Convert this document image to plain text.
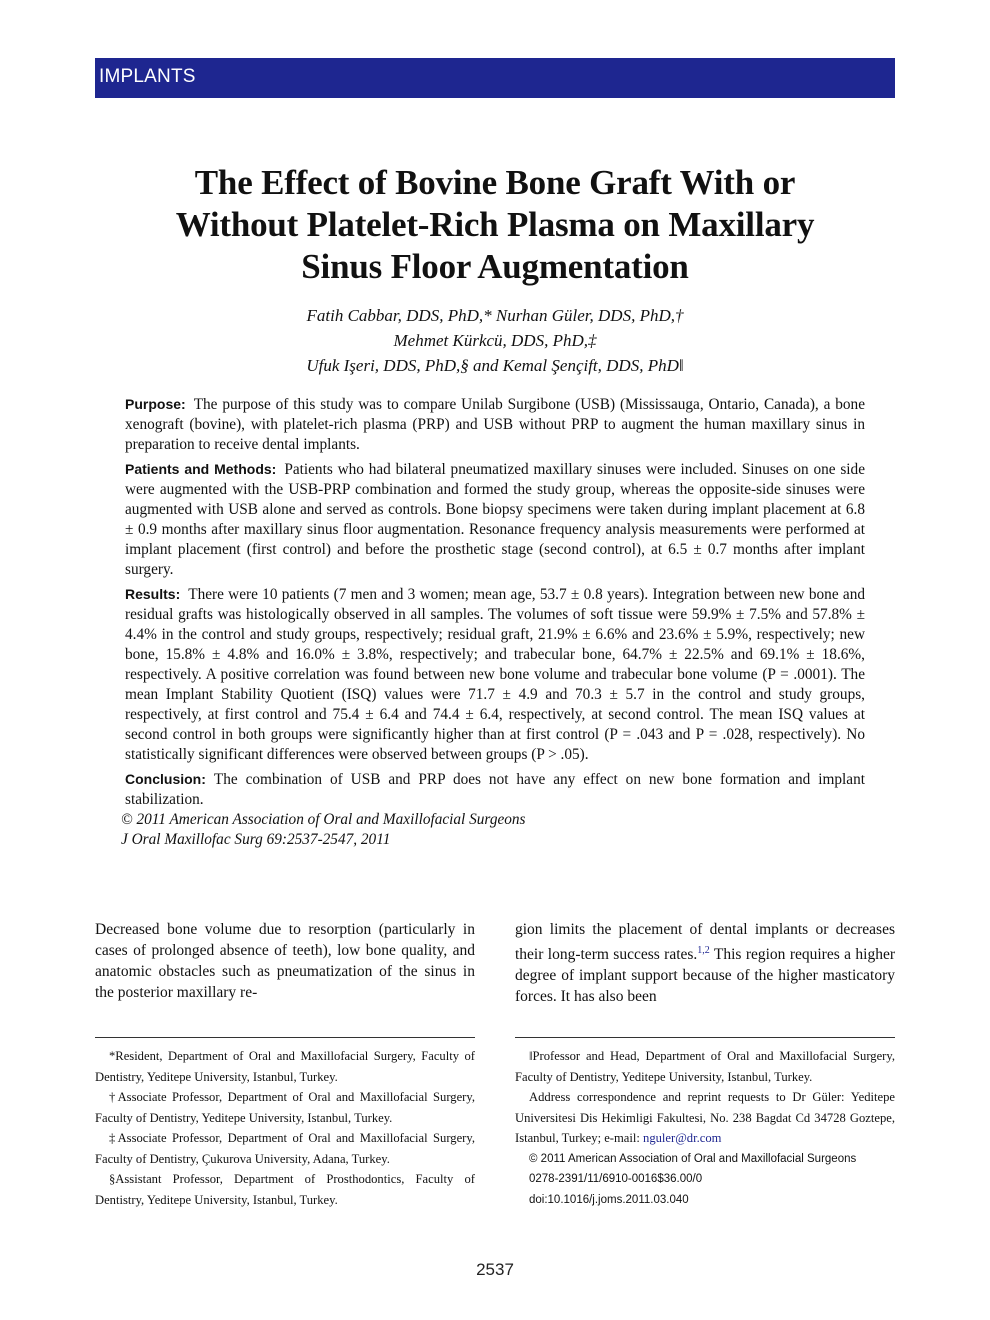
IMPLANTS
The Effect of Bovine Bone Graft With or
Without Platelet-Rich Plasma on Maxillary
Sinus Floor Augmentation
Fatih Cabbar, DDS, PhD,* Nurhan Güler, DDS, PhD,†
Mehmet Kürkcü, DDS, PhD,‡
Ufuk Işeri, DDS, PhD,§ and Kemal Şençift, DDS, PhD‖

Purpose: The purpose of this study was to compare Unilab Surgibone (USB) (Mississauga, Ontario, Canada), a bone xenograft (bovine), with platelet-rich plasma (PRP) and USB without PRP to augment the human maxillary sinus in preparation to receive dental implants.

Patients and Methods: Patients who had bilateral pneumatized maxillary sinuses were included. Sinuses on one side were augmented with the USB-PRP combination and formed the study group, whereas the opposite-side sinuses were augmented with USB alone and served as controls. Bone biopsy specimens were taken during implant placement at 6.8 ± 0.9 months after maxillary sinus floor augmentation. Resonance frequency analysis measurements were performed at implant placement (first control) and before the prosthetic stage (second control), at 6.5 ± 0.7 months after implant surgery.

Results: There were 10 patients (7 men and 3 women; mean age, 53.7 ± 0.8 years). Integration between new bone and residual grafts was histologically observed in all samples. The volumes of soft tissue were 59.9% ± 7.5% and 57.8% ± 4.4% in the control and study groups, respectively; residual graft, 21.9% ± 6.6% and 23.6% ± 5.9%, respectively; new bone, 15.8% ± 4.8% and 16.0% ± 3.8%, respectively; and trabecular bone, 64.7% ± 22.5% and 69.1% ± 18.6%, respectively. A positive correlation was found between new bone volume and trabecular bone volume (P = .0001). The mean Implant Stability Quotient (ISQ) values were 71.7 ± 4.9 and 70.3 ± 5.7 in the control and study groups, respectively, at first control and 75.4 ± 6.4 and 74.4 ± 6.4, respectively, at second control. The mean ISQ values at second control in both groups were significantly higher than at first control (P = .043 and P = .028, respectively). No statistically significant differences were observed between groups (P > .05).

Conclusion: The combination of USB and PRP does not have any effect on new bone formation and implant stabilization.

© 2011 American Association of Oral and Maxillofacial Surgeons
J Oral Maxillofac Surg 69:2537-2547, 2011
Decreased bone volume due to resorption (particularly in cases of prolonged absence of teeth), low bone quality, and anatomic obstacles such as pneumatization of the sinus in the posterior maxillary re-
gion limits the placement of dental implants or decreases their long-term success rates.$^{1,2}$ This region requires a higher degree of implant support because of the higher masticatory forces. It has also been

*Resident, Department of Oral and Maxillofacial Surgery, Faculty of Dentistry, Yeditepe University, Istanbul, Turkey.

†Associate Professor, Department of Oral and Maxillofacial Surgery, Faculty of Dentistry, Yeditepe University, Istanbul, Turkey.

‡Associate Professor, Department of Oral and Maxillofacial Surgery, Faculty of Dentistry, Çukurova University, Adana, Turkey.

§Assistant Professor, Department of Prosthodontics, Faculty of Dentistry, Yeditepe University, Istanbul, Turkey.

‖Professor and Head, Department of Oral and Maxillofacial Surgery, Faculty of Dentistry, Yeditepe University, Istanbul, Turkey.

Address correspondence and reprint requests to Dr Güler: Yeditepe Universitesi Dis Hekimligi Fakultesi, No. 238 Bagdat Cd 34728 Goztepe, Istanbul, Turkey; e-mail: nguler@dr.com

© 2011 American Association of Oral and Maxillofacial Surgeons

0278-2391/11/6910-0016$36.00/0

doi:10.1016/j.joms.2011.03.040

2537
